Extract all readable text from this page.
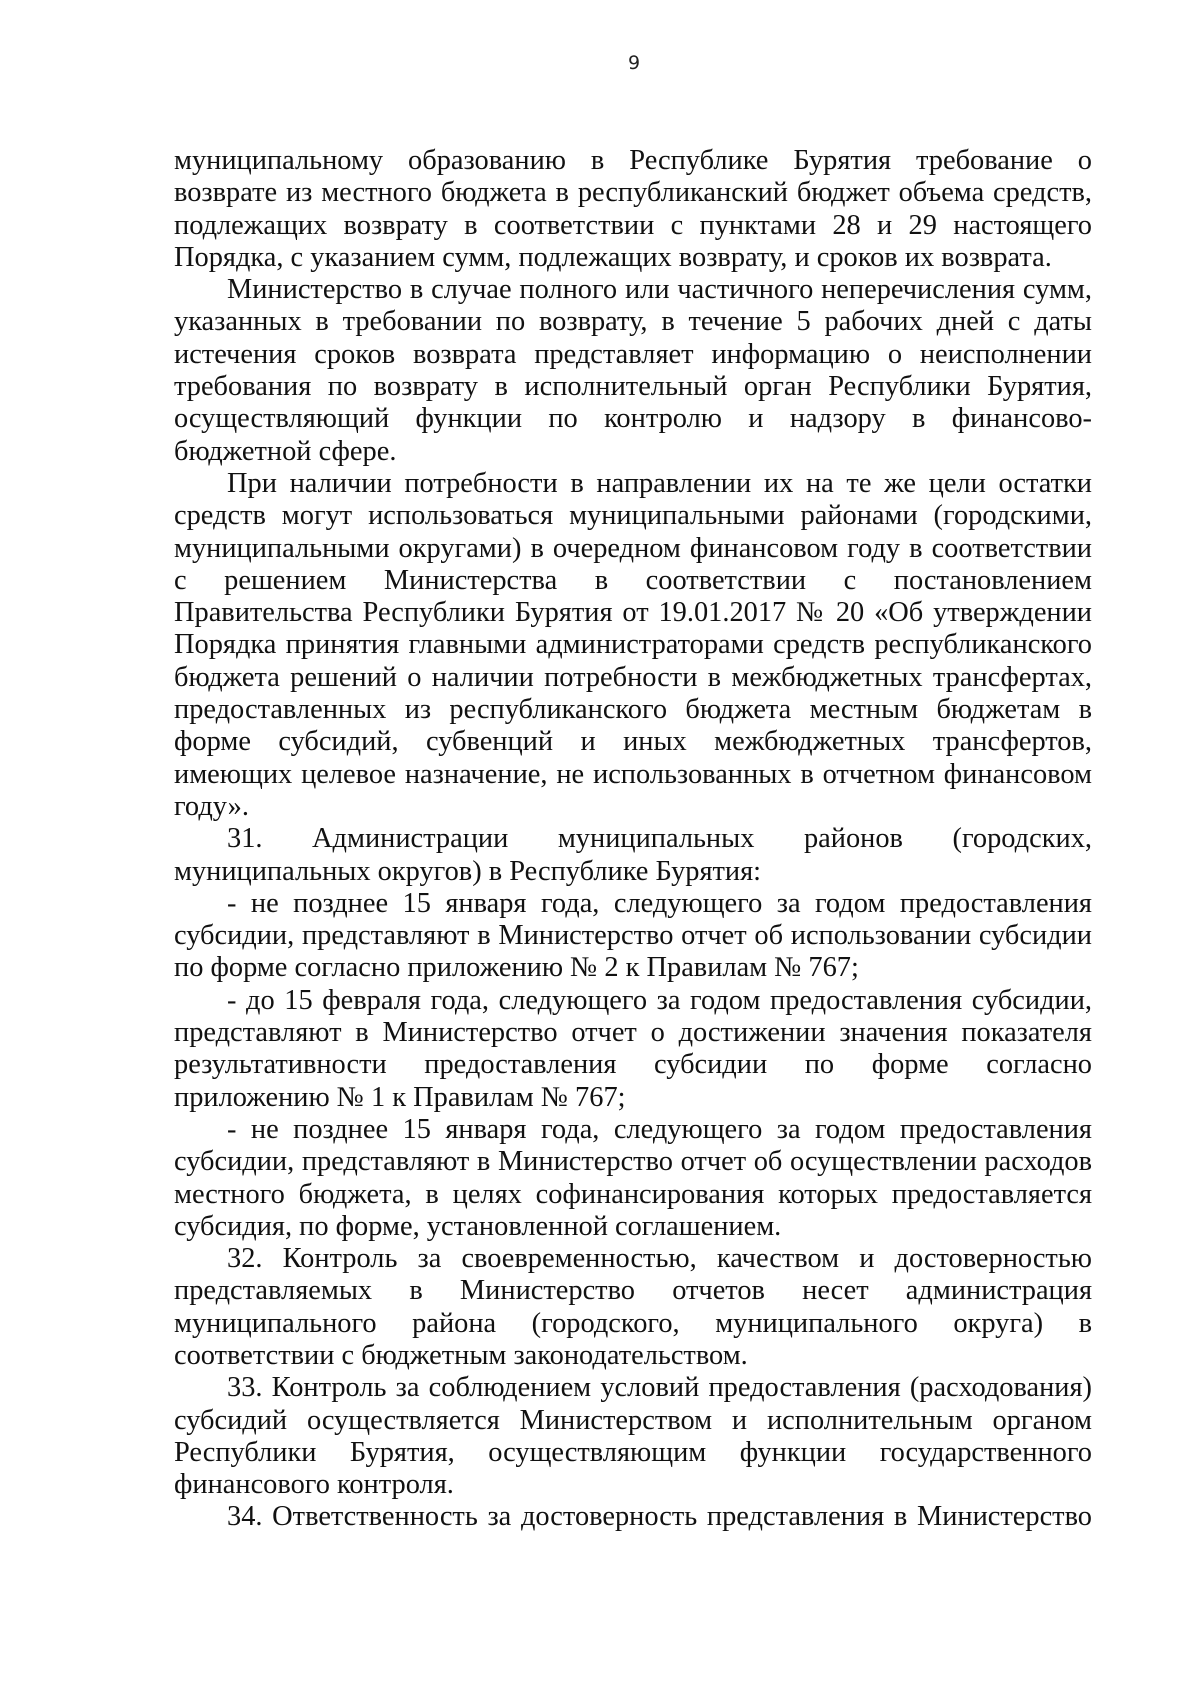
9

муниципальному образованию в Республике Бурятия требование о возврате из местного бюджета в республиканский бюджет объема средств, подлежащих возврату в соответствии с пунктами 28 и 29 настоящего Порядка, с указанием сумм, подлежащих возврату, и сроков их возврата.

Министерство в случае полного или частичного неперечисления сумм, указанных в требовании по возврату, в течение 5 рабочих дней с даты истечения сроков возврата представляет информацию о неисполнении требования по возврату в исполнительный орган Республики Бурятия, осуществляющий функции по контролю и надзору в финансово-бюджетной сфере.

При наличии потребности в направлении их на те же цели остатки средств могут использоваться муниципальными районами (городскими, муниципальными округами) в очередном финансовом году в соответствии с решением Министерства в соответствии с постановлением Правительства Республики Бурятия от 19.01.2017 № 20 «Об утверждении Порядка принятия главными администраторами средств республиканского бюджета решений о наличии потребности в межбюджетных трансфертах, предоставленных из республиканского бюджета местным бюджетам в форме субсидий, субвенций и иных межбюджетных трансфертов, имеющих целевое назначение, не использованных в отчетном финансовом году».

31. Администрации муниципальных районов (городских, муниципальных округов) в Республике Бурятия:

- не позднее 15 января года, следующего за годом предоставления субсидии, представляют в Министерство отчет об использовании субсидии по форме согласно приложению № 2 к Правилам № 767;

- до 15 февраля года, следующего за годом предоставления субсидии, представляют в Министерство отчет о достижении значения показателя результативности предоставления субсидии по форме согласно приложению № 1 к Правилам № 767;

- не позднее 15 января года, следующего за годом предоставления субсидии, представляют в Министерство отчет об осуществлении расходов местного бюджета, в целях софинансирования которых предоставляется субсидия, по форме, установленной соглашением.

32. Контроль за своевременностью, качеством и достоверностью представляемых в Министерство отчетов несет администрация муниципального района (городского, муниципального округа) в соответствии с бюджетным законодательством.

33. Контроль за соблюдением условий предоставления (расходования) субсидий осуществляется Министерством и исполнительным органом Республики Бурятия, осуществляющим функции государственного финансового контроля.

34. Ответственность за достоверность представления в Министерство
